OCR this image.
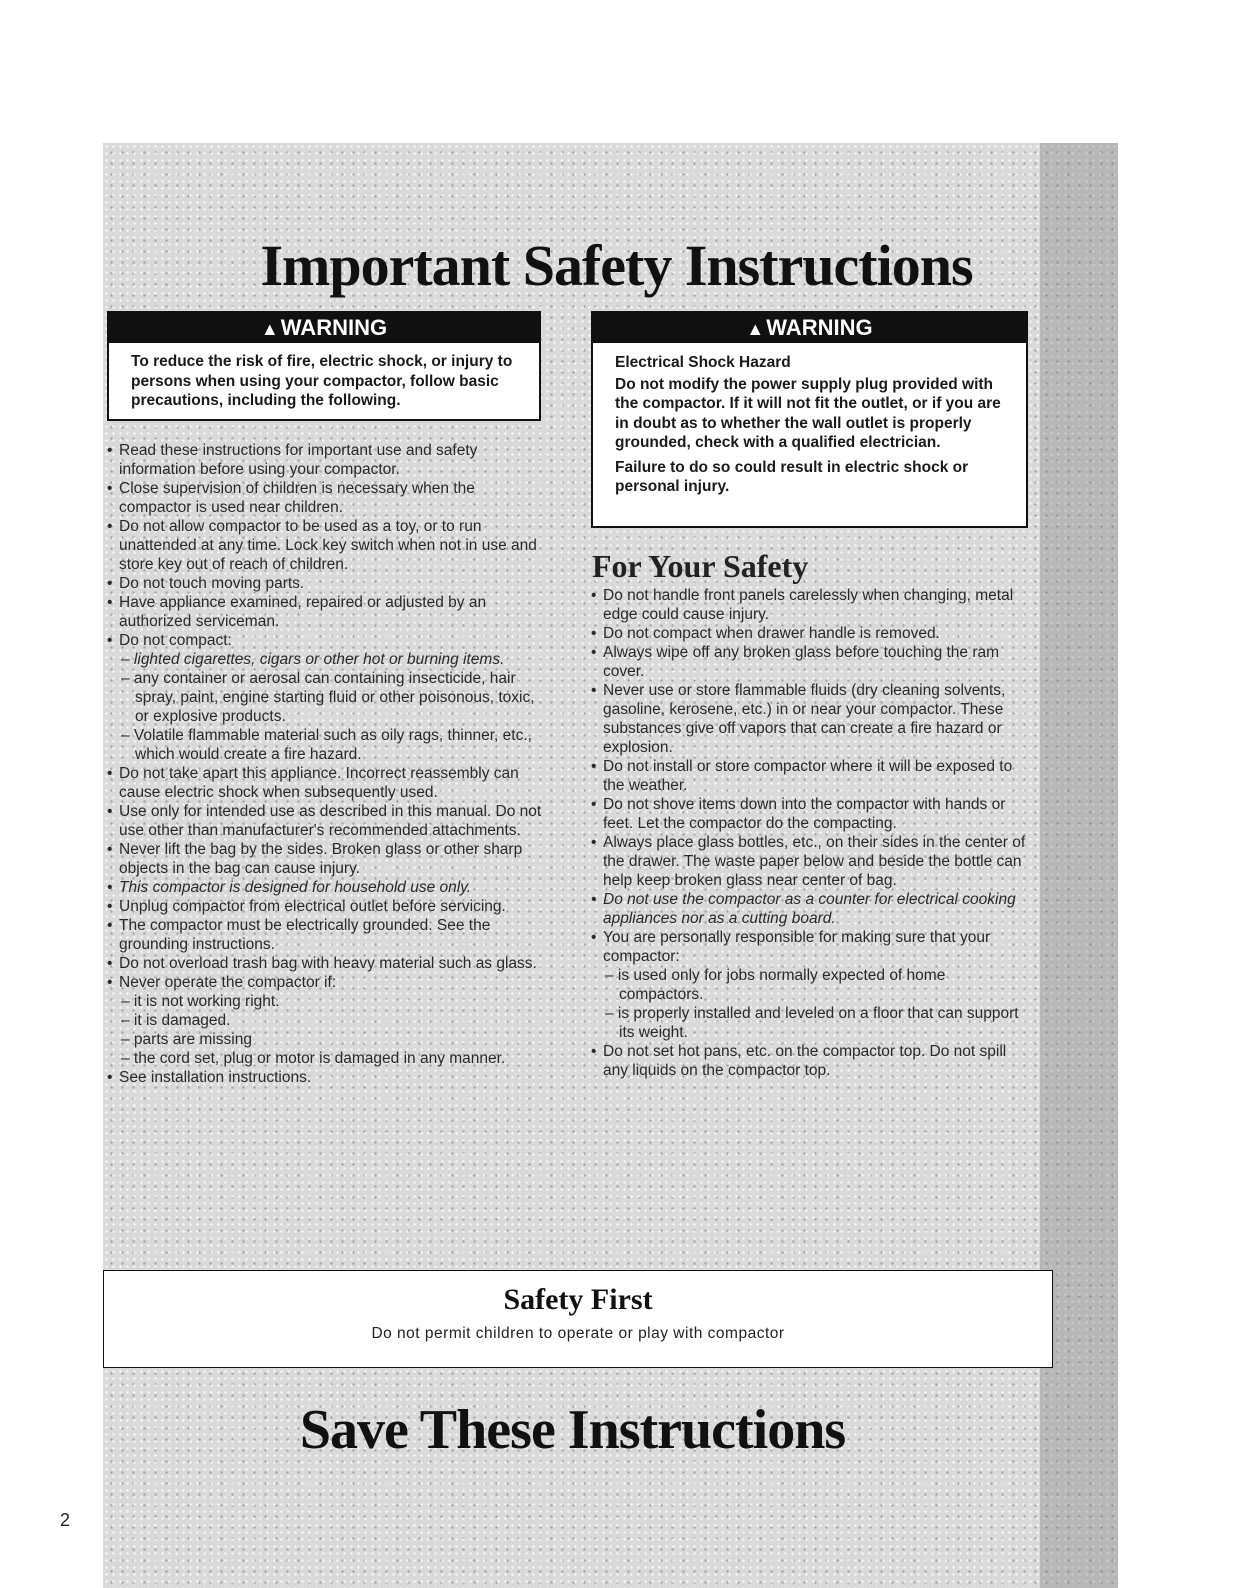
Important Safety Instructions
▲WARNING

To reduce the risk of fire, electric shock, or injury to persons when using your compactor, follow basic precautions, including the following.

• Read these instructions for important use and safety information before using your compactor.
• Close supervision of children is necessary when the compactor is used near children.
• Do not allow compactor to be used as a toy, or to run unattended at any time. Lock key switch when not in use and store key out of reach of children.
• Do not touch moving parts.
• Have appliance examined, repaired or adjusted by an authorized serviceman.
• Do not compact:
– lighted cigarettes, cigars or other hot or burning items.
– any container or aerosal can containing insecticide, hair spray, paint, engine starting fluid or other poisonous, toxic, or explosive products.
– Volatile flammable material such as oily rags, thinner, etc., which would create a fire hazard.
• Do not take apart this appliance. Incorrect reassembly can cause electric shock when subsequently used.
• Use only for intended use as described in this manual. Do not use other than manufacturer's recommended attachments.
• Never lift the bag by the sides. Broken glass or other sharp objects in the bag can cause injury.
• This compactor is designed for household use only.
• Unplug compactor from electrical outlet before servicing.
• The compactor must be electrically grounded. See the grounding instructions.
• Do not overload trash bag with heavy material such as glass.
• Never operate the compactor if:
– it is not working right.
– it is damaged.
– parts are missing
– the cord set, plug or motor is damaged in any manner.
• See installation instructions.
▲WARNING

Electrical Shock Hazard

Do not modify the power supply plug provided with the compactor. If it will not fit the outlet, or if you are in doubt as to whether the wall outlet is properly grounded, check with a qualified electrician.

Failure to do so could result in electric shock or personal injury.

For Your Safety
• Do not handle front panels carelessly when changing, metal edge could cause injury.
• Do not compact when drawer handle is removed.
• Always wipe off any broken glass before touching the ram cover.
• Never use or store flammable fluids (dry cleaning solvents, gasoline, kerosene, etc.) in or near your compactor. These substances give off vapors that can create a fire hazard or explosion.
• Do not install or store compactor where it will be exposed to the weather.
• Do not shove items down into the compactor with hands or feet. Let the compactor do the compacting.
• Always place glass bottles, etc., on their sides in the center of the drawer. The waste paper below and beside the bottle can help keep broken glass near center of bag.
• Do not use the compactor as a counter for electrical cooking appliances nor as a cutting board.
• You are personally responsible for making sure that your compactor:
– is used only for jobs normally expected of home compactors.
– is properly installed and leveled on a floor that can support its weight.
• Do not set hot pans, etc. on the compactor top. Do not spill any liquids on the compactor top.
Safety First

Do not permit children to operate or play with compactor

Save These Instructions
2
